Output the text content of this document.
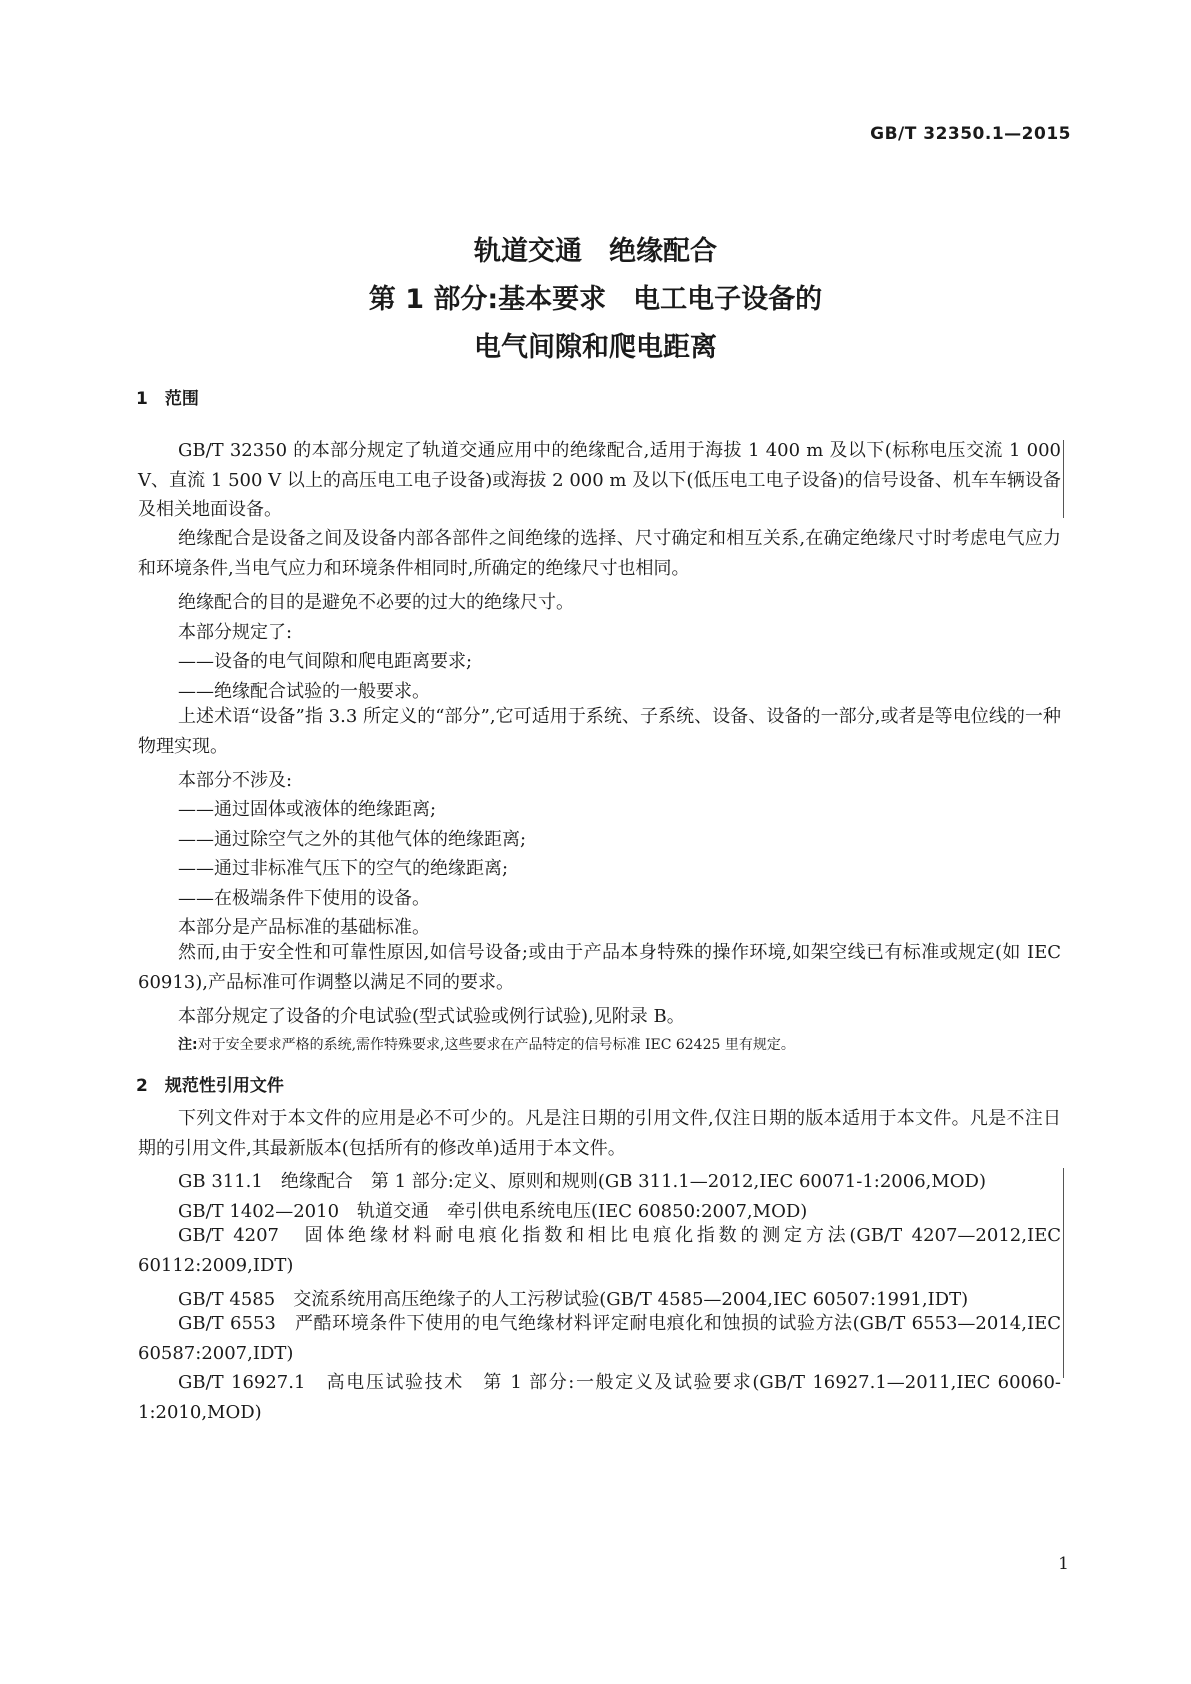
GB/T 32350.1—2015
轨道交通　绝缘配合
第 1 部分:基本要求　电工电子设备的
电气间隙和爬电距离
1　范围
GB/T 32350 的本部分规定了轨道交通应用中的绝缘配合,适用于海拔 1 400 m 及以下(标称电压交流 1 000 V、直流 1 500 V 以上的高压电工电子设备)或海拔 2 000 m 及以下(低压电工电子设备)的信号设备、机车车辆设备及相关地面设备。
绝缘配合是设备之间及设备内部各部件之间绝缘的选择、尺寸确定和相互关系,在确定绝缘尺寸时考虑电气应力和环境条件,当电气应力和环境条件相同时,所确定的绝缘尺寸也相同。
绝缘配合的目的是避免不必要的过大的绝缘尺寸。
本部分规定了:
——设备的电气间隙和爬电距离要求;
——绝缘配合试验的一般要求。
上述术语“设备”指 3.3 所定义的“部分”,它可适用于系统、子系统、设备、设备的一部分,或者是等电位线的一种物理实现。
本部分不涉及:
——通过固体或液体的绝缘距离;
——通过除空气之外的其他气体的绝缘距离;
——通过非标准气压下的空气的绝缘距离;
——在极端条件下使用的设备。
本部分是产品标准的基础标准。
然而,由于安全性和可靠性原因,如信号设备;或由于产品本身特殊的操作环境,如架空线已有标准或规定(如 IEC 60913),产品标准可作调整以满足不同的要求。
本部分规定了设备的介电试验(型式试验或例行试验),见附录 B。
注:对于安全要求严格的系统,需作特殊要求,这些要求在产品特定的信号标准 IEC 62425 里有规定。
2　规范性引用文件
下列文件对于本文件的应用是必不可少的。凡是注日期的引用文件,仅注日期的版本适用于本文件。凡是不注日期的引用文件,其最新版本(包括所有的修改单)适用于本文件。
GB 311.1　绝缘配合　第 1 部分:定义、原则和规则(GB 311.1—2012,IEC 60071-1:2006,MOD)
GB/T 1402—2010　轨道交通　牵引供电系统电压(IEC 60850:2007,MOD)
GB/T 4207　固体绝缘材料耐电痕化指数和相比电痕化指数的测定方法(GB/T 4207—2012,IEC 60112:2009,IDT)
GB/T 4585　交流系统用高压绝缘子的人工污秽试验(GB/T 4585—2004,IEC 60507:1991,IDT)
GB/T 6553　严酷环境条件下使用的电气绝缘材料评定耐电痕化和蚀损的试验方法(GB/T 6553—2014,IEC 60587:2007,IDT)
GB/T 16927.1　高电压试验技术　第 1 部分:一般定义及试验要求(GB/T 16927.1—2011,IEC 60060-1:2010,MOD)
1
